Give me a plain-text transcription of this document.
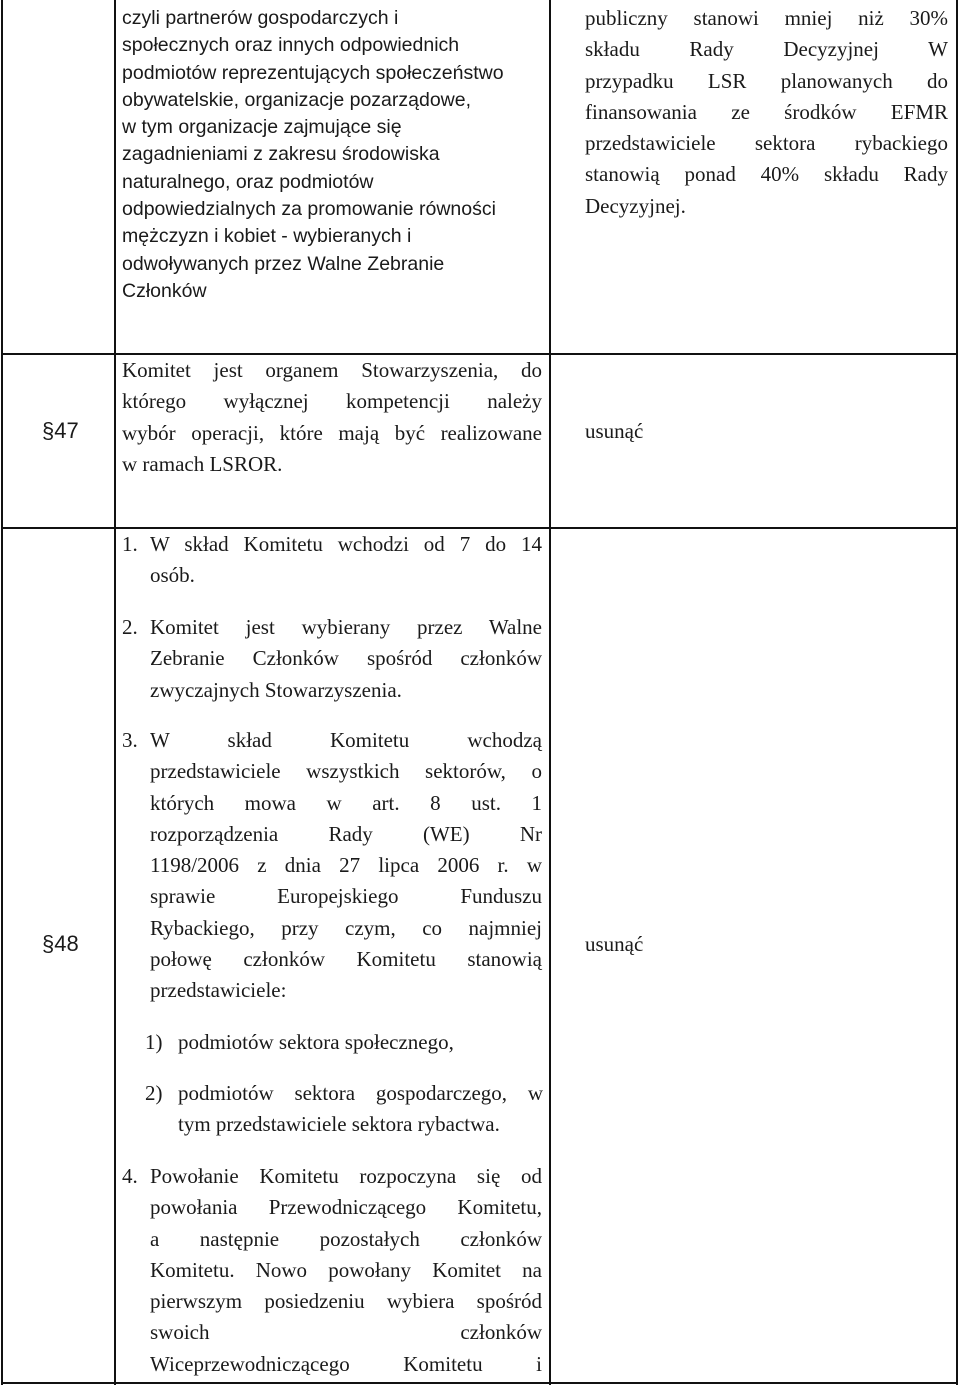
czyli partnerów gospodarczych i

społecznych oraz innych odpowiednich

podmiotów reprezentujących społeczeństwo

obywatelskie, organizacje pozarządowe,

w tym organizacje zajmujące się

zagadnieniami z zakresu środowiska

naturalnego, oraz podmiotów

odpowiedzialnych za promowanie równości

mężczyzn i kobiet - wybieranych i

odwoływanych przez Walne Zebranie

Członków

publiczny stanowi mniej niż 30%

składu Rady Decyzyjnej W

przypadku LSR planowanych do

finansowania ze środków EFMR

przedstawiciele sektora rybackiego

stanowią ponad 40% składu Rady

Decyzyjnej.

§47

Komitet jest organem Stowarzyszenia, do

którego wyłącznej kompetencji należy

wybór operacji, które mają być realizowane

w ramach LSROR.

usunąć
§48	usunąć
1. W skład Komitetu wchodzi od 7 do 14

osób.

2. Komitet jest wybierany przez Walne

Zebranie Członków spośród członków

zwyczajnych Stowarzyszenia.

3. W skład Komitetu wchodzą

przedstawiciele wszystkich sektorów, o

których mowa w art. 8 ust. 1

rozporządzenia Rady (WE) Nr

1198/2006 z dnia 27 lipca 2006 r. w

sprawie Europejskiego Funduszu

Rybackiego, przy czym, co najmniej

połowę członków Komitetu stanowią

przedstawiciele:

1) podmiotów sektora społecznego,

2) podmiotów sektora gospodarczego, w

tym przedstawiciele sektora rybactwa.

4. Powołanie Komitetu rozpoczyna się od

powołania Przewodniczącego Komitetu,

a następnie pozostałych członków

Komitetu. Nowo powołany Komitet na

pierwszym posiedzeniu wybiera spośród

swoich członków

Wiceprzewodniczącego Komitetu i
